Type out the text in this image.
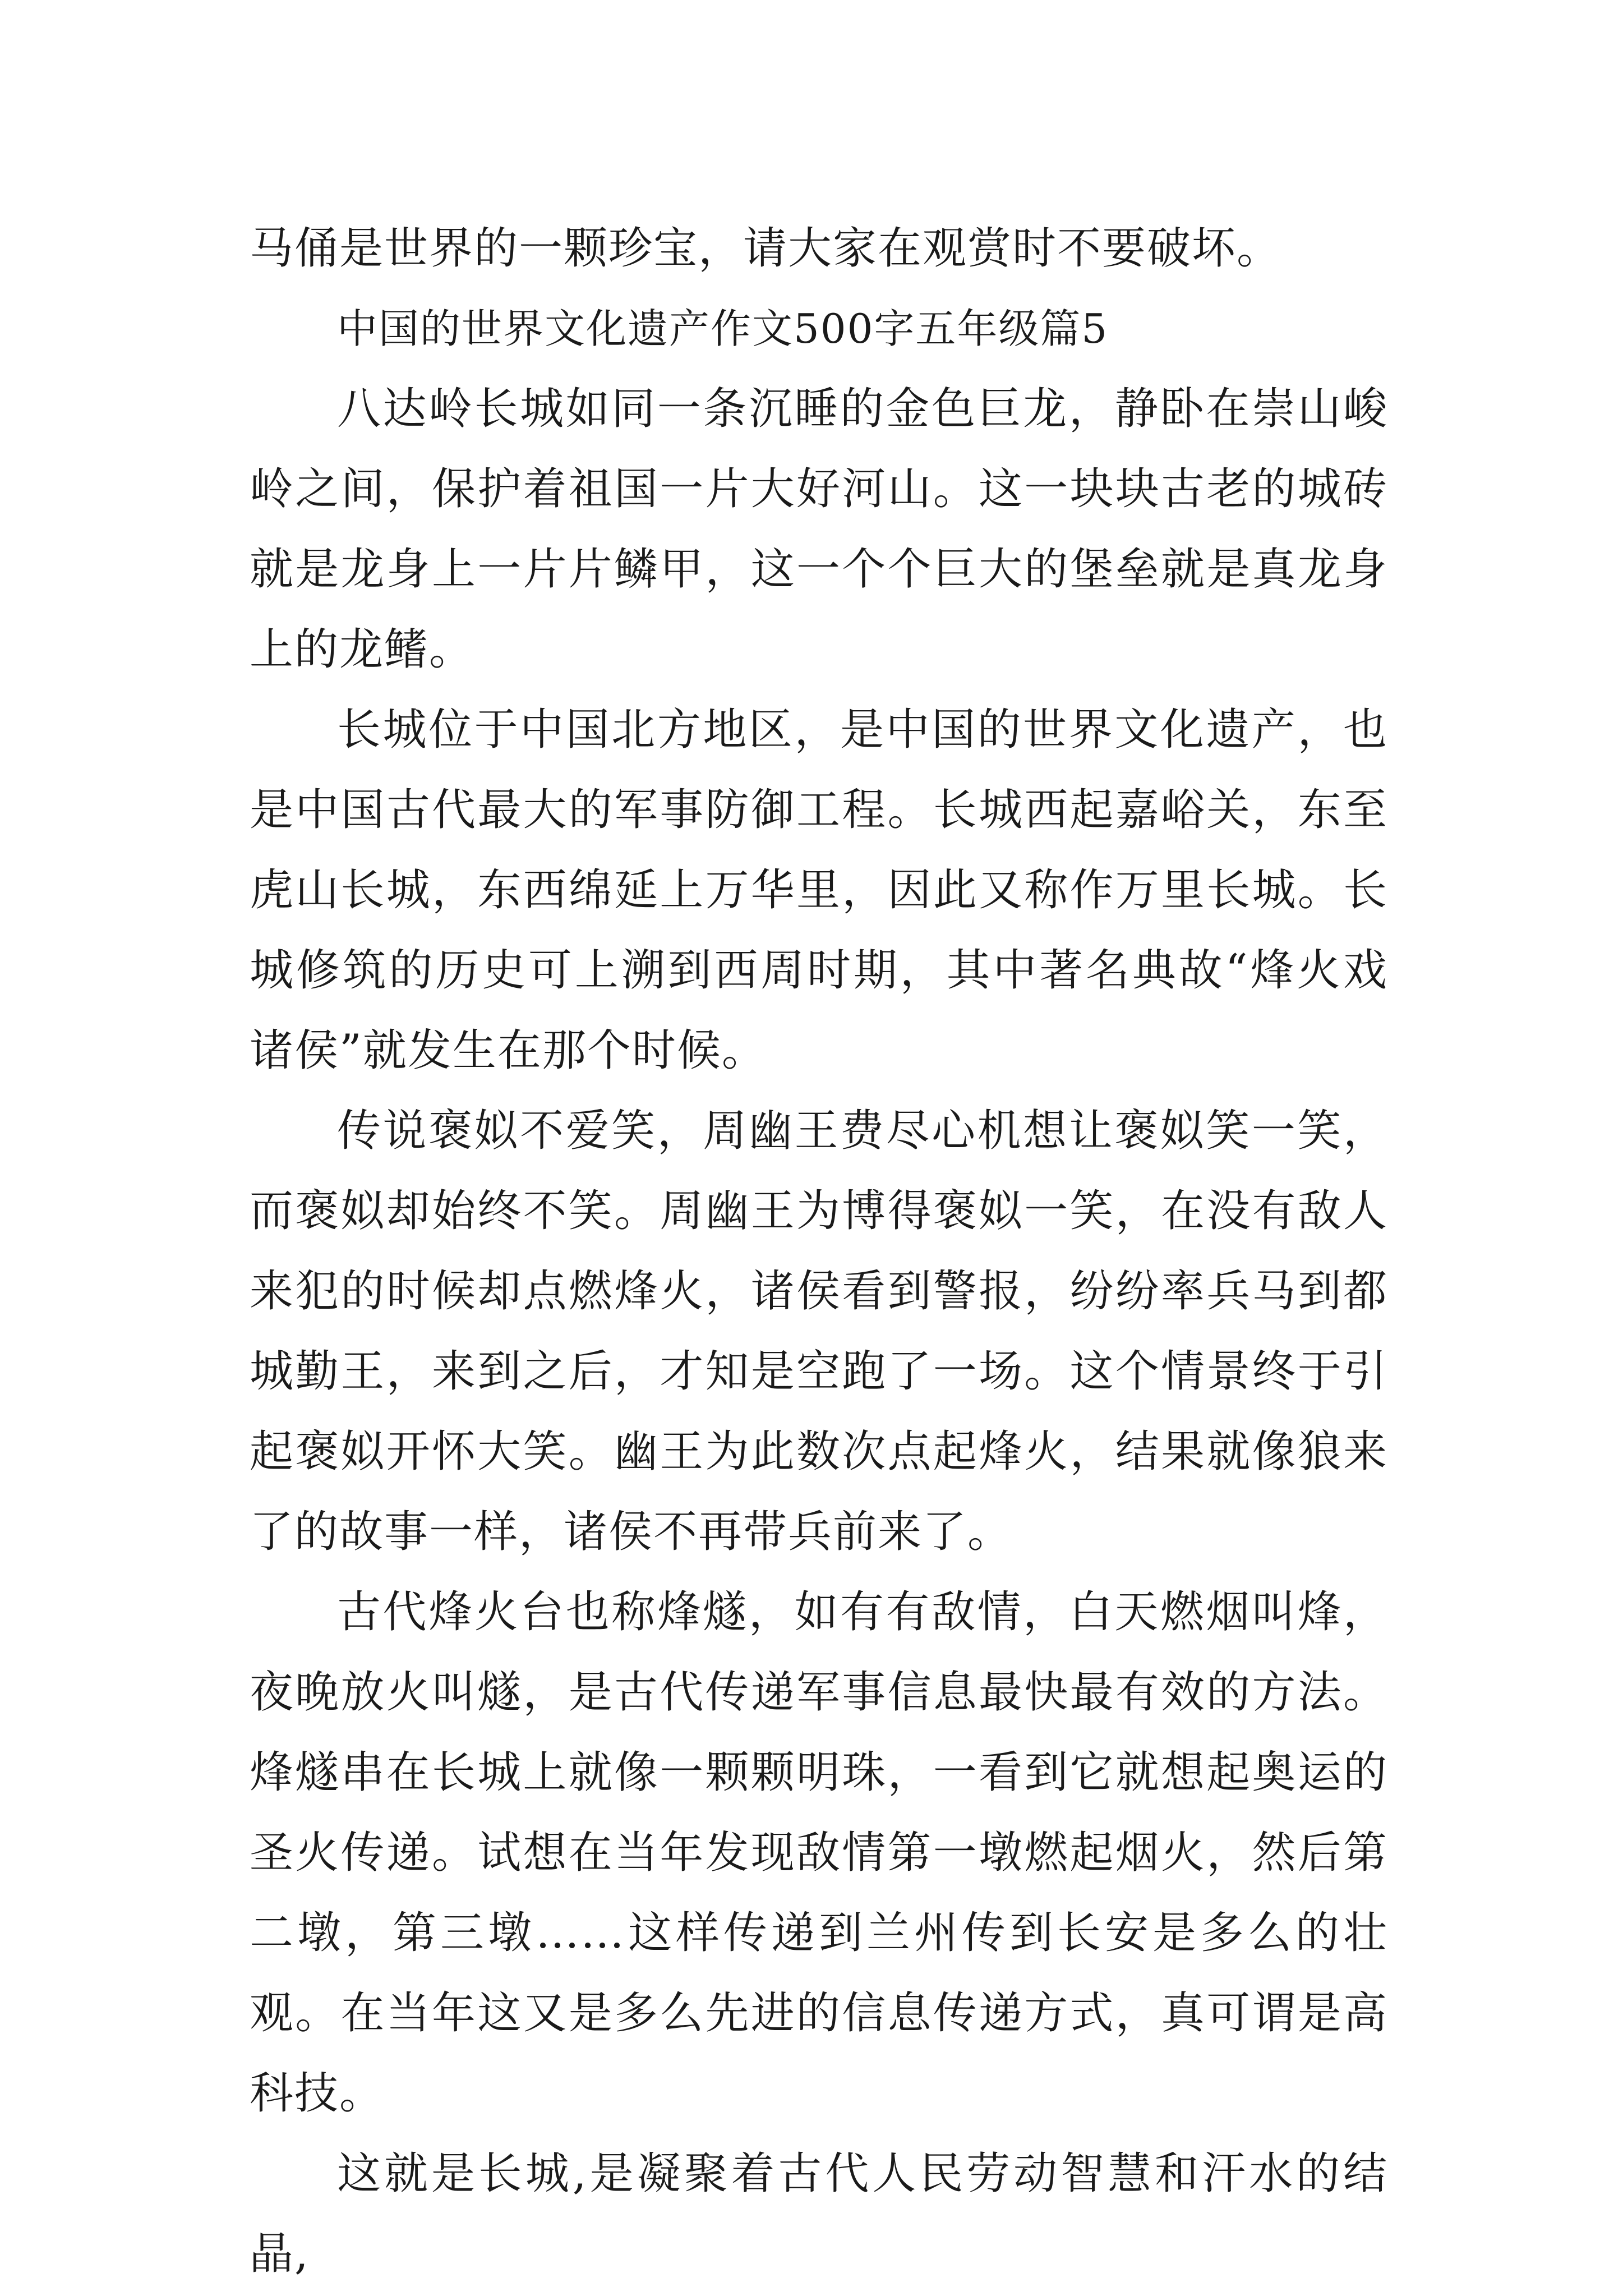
马俑是世界的一颗珍宝，请大家在观赏时不要破坏。

中国的世界文化遗产作文500字五年级篇5

八达岭长城如同一条沉睡的金色巨龙，静卧在崇山峻岭之间，保护着祖国一片大好河山。这一块块古老的城砖就是龙身上一片片鳞甲，这一个个巨大的堡垒就是真龙身上的龙鳍。

长城位于中国北方地区，是中国的世界文化遗产，也是中国古代最大的军事防御工程。长城西起嘉峪关，东至虎山长城，东西绵延上万华里，因此又称作万里长城。长城修筑的历史可上溯到西周时期，其中著名典故“烽火戏诸侯”就发生在那个时候。

传说褒姒不爱笑，周幽王费尽心机想让褒姒笑一笑，而褒姒却始终不笑。周幽王为博得褒姒一笑，在没有敌人来犯的时候却点燃烽火，诸侯看到警报，纷纷率兵马到都城勤王，来到之后，才知是空跑了一场。这个情景终于引起褒姒开怀大笑。幽王为此数次点起烽火，结果就像狼来了的故事一样，诸侯不再带兵前来了。

古代烽火台也称烽燧，如有有敌情，白天燃烟叫烽，夜晚放火叫燧，是古代传递军事信息最快最有效的方法。烽燧串在长城上就像一颗颗明珠，一看到它就想起奥运的圣火传递。试想在当年发现敌情第一墩燃起烟火，然后第二墩，第三墩……这样传递到兰州传到长安是多么的壮观。在当年这又是多么先进的信息传递方式，真可谓是高科技。

这就是长城,是凝聚着古代人民劳动智慧和汗水的结晶,
